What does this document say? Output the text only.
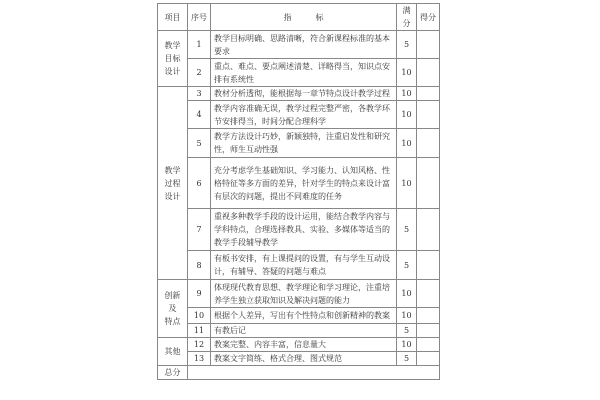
项目	序号	指　　　标	满分	得分
教学
目标
设计	1	教学目标明确、思路清晰，符合新课程标准的基本要求	5	
	2	重点、难点、要点阐述清楚、详略得当，知识点安排有系统性	10	
教学
过程
设计	3	教材分析透彻，能根据每一章节特点设计教学过程	10	
	4	教学内容准确无误，教学过程完整严密，各教学环节安排得当，时间分配合理科学	10	
	5	教学方法设计巧妙，新颖独特，注重启发性和研究性，师生互动性强	10	
	6	充分考虑学生基础知识、学习能力、认知风格、性格特征等多方面的差异，针对学生的特点来设计富有层次的问题，提出不同难度的任务	10	
	7	重视多种教学手段的设计运用，能结合教学内容与学科特点，合理选择教具、实验、多媒体等适当的教学手段辅导教学	5	
	8	有板书安排，有上课提问的设置，有与学生互动设计，有辅导、答疑的问题与难点	5	
创新
及
特点	9	体现现代教育思想、教学理论和学习理论，注重培养学生独立获取知识及解决问题的能力	10	
	10	根据个人差异，写出有个性特点和创新精神的教案	10	
	11	有教后记	5	
其他	12	教案完整、内容丰富，信息量大	10	
	13	教案文字简练、格式合理、图式规范	5	
总分				
